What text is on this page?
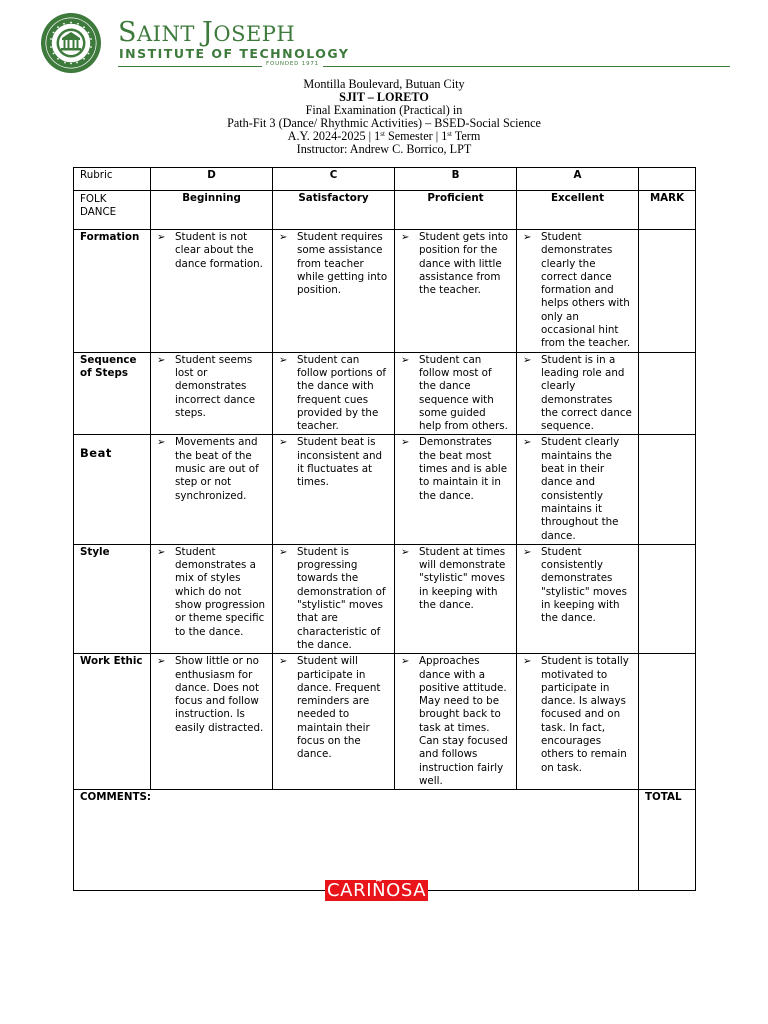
SAINT JOSEPH
INSTITUTE OF TECHNOLOGY
FOUNDED 1971
Montilla Boulevard, Butuan City
SJIT – LORETO
Final Examination (Practical) in
Path-Fit 3 (Dance/ Rhythmic Activities) – BSED-Social Science
A.Y. 2024-2025 | 1st Semester | 1st Term
Instructor: Andrew C. Borrico, LPT
Rubric	D	C	B	A	
FOLK DANCE	Beginning	Satisfactory	Proficient	Excellent	MARK
Formation	➢ Student is not clear about the dance formation.	➢ Student requires some assistance from teacher while getting into position.	➢ Student gets into position for the dance with little assistance from the teacher.	➢ Student demonstrates clearly the correct dance formation and helps others with only an occasional hint from the teacher.	
Sequence of Steps	➢ Student seems lost or demonstrates incorrect dance steps.	➢ Student can follow portions of the dance with frequent cues provided by the teacher.	➢ Student can follow most of the dance sequence with some guided help from others.	➢ Student is in a leading role and clearly demonstrates the correct dance sequence.	
Beat	➢ Movements and the beat of the music are out of step or not synchronized.	➢ Student beat is inconsistent and it fluctuates at times.	➢ Demonstrates the beat most times and is able to maintain it in the dance.	➢ Student clearly maintains the beat in their dance and consistently maintains it throughout the dance.	
Style	➢ Student demonstrates a mix of styles which do not show progression or theme specific to the dance.	➢ Student is progressing towards the demonstration of "stylistic" moves that are characteristic of the dance.	➢ Student at times will demonstrate "stylistic" moves in keeping with the dance.	➢ Student consistently demonstrates "stylistic" moves in keeping with the dance.	
Work Ethic	➢ Show little or no enthusiasm for dance. Does not focus and follow instruction. Is easily distracted.	➢ Student will participate in dance. Frequent reminders are needed to maintain their focus on the dance.	➢ Approaches dance with a positive attitude. May need to be brought back to task at times. Can stay focused and follows instruction fairly well.	➢ Student is totally motivated to participate in dance. Is always focused and on task. In fact, encourages others to remain on task.	
COMMENTS:					TOTAL
CARIÑOSA
